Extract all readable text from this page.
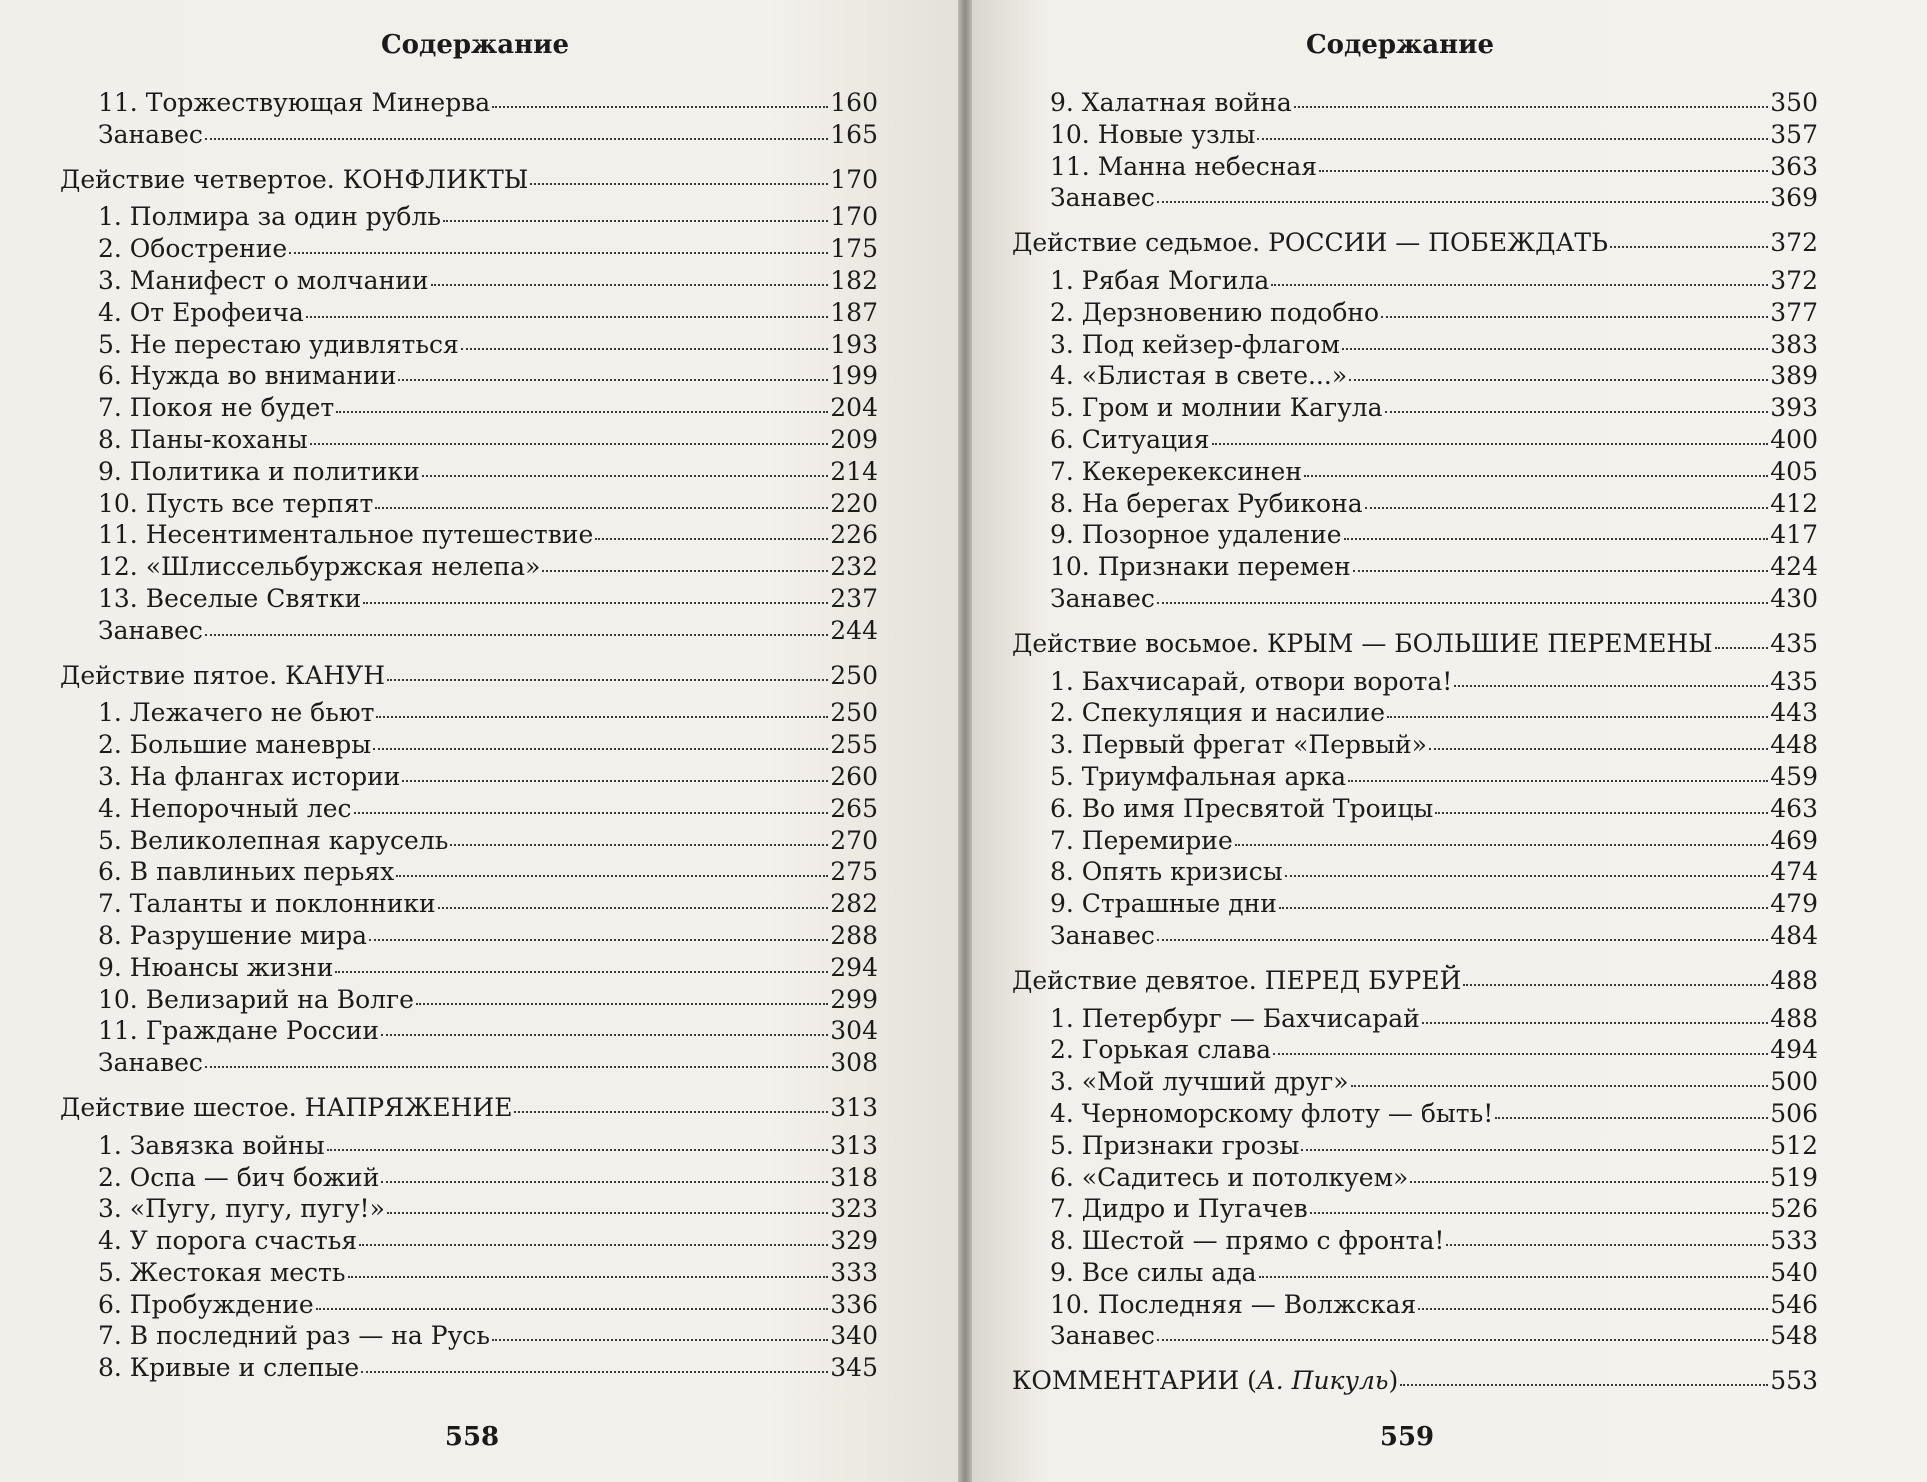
Содержание
11. Торжествующая Минерва	160
Занавес	165
Действие четвертое. КОНФЛИКТЫ	170
1. Полмира за один рубль	170
2. Обострение	175
3. Манифест о молчании	182
4. От Ерофеича	187
5. Не перестаю удивляться	193
6. Нужда во внимании	199
7. Покоя не будет	204
8. Паны-коханы	209
9. Политика и политики	214
10. Пусть все терпят	220
11. Несентиментальное путешествие	226
12. «Шлиссельбуржская нелепа»	232
13. Веселые Святки	237
Занавес	244
Действие пятое. КАНУН	250
1. Лежачего не бьют	250
2. Большие маневры	255
3. На флангах истории	260
4. Непорочный лес	265
5. Великолепная карусель	270
6. В павлиньих перьях	275
7. Таланты и поклонники	282
8. Разрушение мира	288
9. Нюансы жизни	294
10. Велизарий на Волге	299
11. Граждане России	304
Занавес	308
Действие шестое. НАПРЯЖЕНИЕ	313
1. Завязка войны	313
2. Оспа — бич божий	318
3. «Пугу, пугу, пугу!»	323
4. У порога счастья	329
5. Жестокая месть	333
6. Пробуждение	336
7. В последний раз — на Русь	340
8. Кривые и слепые	345
558
Содержание
9. Халатная война	350
10. Новые узлы	357
11. Манна небесная	363
Занавес	369
Действие седьмое. РОССИИ — ПОБЕЖДАТЬ	372
1. Рябая Могила	372
2. Дерзновению подобно	377
3. Под кейзер-флагом	383
4. «Блистая в свете...»	389
5. Гром и молнии Кагула	393
6. Ситуация	400
7. Кекерекексинен	405
8. На берегах Рубикона	412
9. Позорное удаление	417
10. Признаки перемен	424
Занавес	430
Действие восьмое. КРЫМ — БОЛЬШИЕ ПЕРЕМЕНЫ 435
1. Бахчисарай, отвори ворота!	435
2. Спекуляция и насилие	443
3. Первый фрегат «Первый»	448
5. Триумфальная арка	459
6. Во имя Пресвятой Троицы	463
7. Перемирие	469
8. Опять кризисы	474
9. Страшные дни	479
Занавес	484
Действие девятое. ПЕРЕД БУРЕЙ	488
1. Петербург — Бахчисарай	488
2. Горькая слава	494
3. «Мой лучший друг»	500
4. Черноморскому флоту — быть!	506
5. Признаки грозы	512
6. «Садитесь и потолкуем»	519
7. Дидро и Пугачев	526
8. Шестой — прямо с фронта!	533
9. Все силы ада	540
10. Последняя — Волжская	546
Занавес	548
КОММЕНТАРИИ (А. Пикуль)	553
559
